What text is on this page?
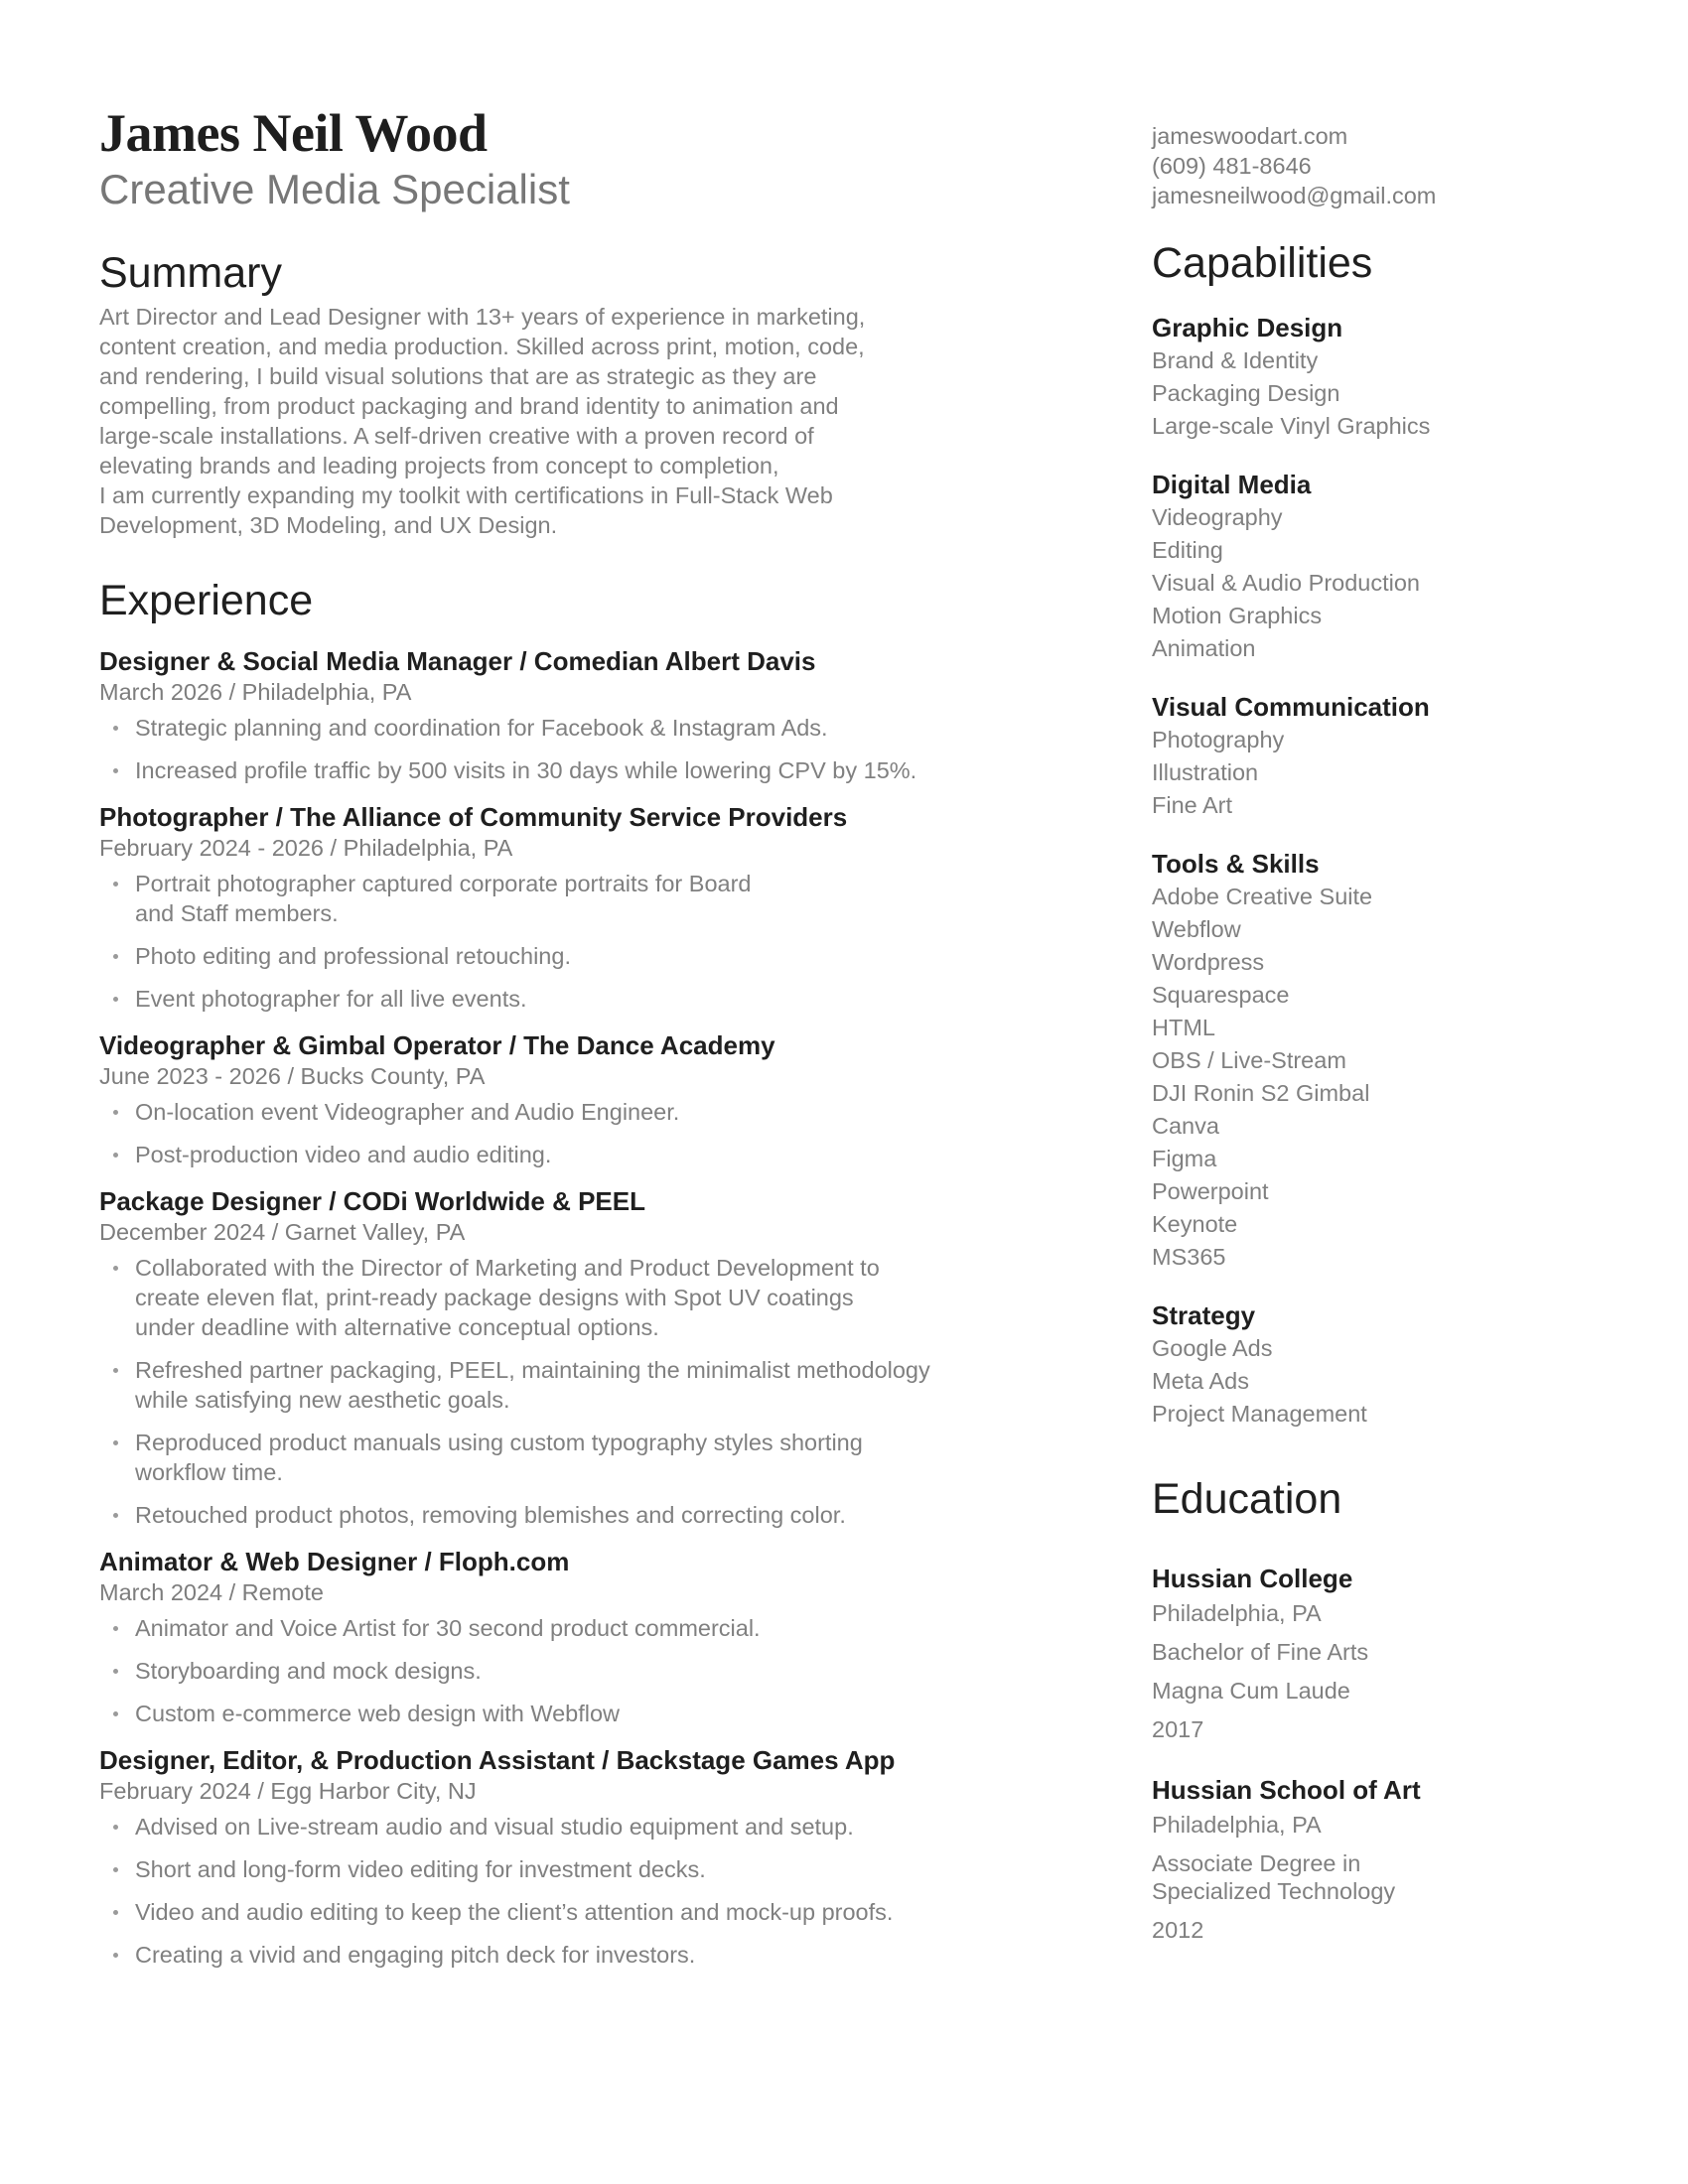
James Neil Wood
Creative Media Specialist
Summary

Art Director and Lead Designer with 13+ years of experience in marketing,
content creation, and media production. Skilled across print, motion, code,
and rendering, I build visual solutions that are as strategic as they are
compelling, from product packaging and brand identity to animation and
large-scale installations. A self-driven creative with a proven record of
elevating brands and leading projects from concept to completion,
I am currently expanding my toolkit with certifications in Full-Stack Web
Development, 3D Modeling, and UX Design.

Experience
Designer & Social Media Manager / Comedian Albert Davis
March 2026 / Philadelphia, PA
Strategic planning and coordination for Facebook & Instagram Ads.
Increased profile traffic by 500 visits in 30 days while lowering CPV by 15%.
Photographer / The Alliance of Community Service Providers
February 2024 - 2026 / Philadelphia, PA
Portrait photographer captured corporate portraits for Board
and Staff members.
Photo editing and professional retouching.
Event photographer for all live events.
Videographer & Gimbal Operator / The Dance Academy
June 2023 - 2026 / Bucks County, PA
On-location event Videographer and Audio Engineer.
Post-production video and audio editing.
Package Designer / CODi Worldwide & PEEL
December 2024 / Garnet Valley, PA
Collaborated with the Director of Marketing and Product Development to
create eleven flat, print-ready package designs with Spot UV coatings
under deadline with alternative conceptual options.
Refreshed partner packaging, PEEL, maintaining the minimalist methodology
while satisfying new aesthetic goals.
Reproduced product manuals using custom typography styles shorting
workflow time.
Retouched product photos, removing blemishes and correcting color.
Animator & Web Designer / Floph.com
March 2024 / Remote
Animator and Voice Artist for 30 second product commercial.
Storyboarding and mock designs.
Custom e-commerce web design with Webflow
Designer, Editor, & Production Assistant / Backstage Games App
February 2024 / Egg Harbor City, NJ
Advised on Live-stream audio and visual studio equipment and setup.
Short and long-form video editing for investment decks.
Video and audio editing to keep the client’s attention and mock-up proofs.
Creating a vivid and engaging pitch deck for investors.
jameswoodart.com
(609) 481-8646
jamesneilwood@gmail.com
Capabilities
Graphic Design
Brand & Identity
Packaging Design
Large-scale Vinyl Graphics
Digital Media
Videography
Editing
Visual & Audio Production
Motion Graphics
Animation
Visual Communication
Photography
Illustration
Fine Art
Tools & Skills
Adobe Creative Suite
Webflow
Wordpress
Squarespace
HTML
OBS / Live-Stream
DJI Ronin S2 Gimbal
Canva
Figma
Powerpoint
Keynote
MS365
Strategy
Google Ads
Meta Ads
Project Management
Education
Hussian College
Philadelphia, PA
Bachelor of Fine Arts
Magna Cum Laude
2017
Hussian School of Art
Philadelphia, PA
Associate Degree in
Specialized Technology
2012
